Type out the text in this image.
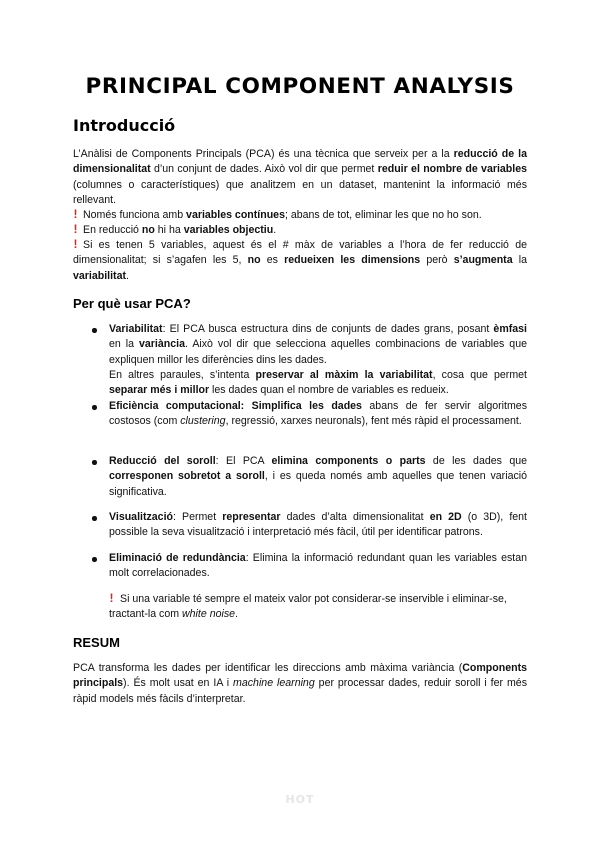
PRINCIPAL COMPONENT ANALYSIS
Introducció

L’Anàlisi de Components Principals (PCA) és una tècnica que serveix per a la reducció de la dimensionalitat d’un conjunt de dades. Això vol dir que permet reduir el nombre de variables (columnes o característiques) que analitzem en un dataset, mantenint la informació més rellevant.

! Només funciona amb variables contínues; abans de tot, eliminar les que no ho son.

! En reducció no hi ha variables objectiu.

! Si es tenen 5 variables, aquest és el # màx de variables a l’hora de fer reducció de dimensionalitat; si s’agafen les 5, no es redueixen les dimensions però s’augmenta la variabilitat.

Per què usar PCA?
Variabilitat: El PCA busca estructura dins de conjunts de dades grans, posant èmfasi en la variància. Això vol dir que selecciona aquelles combinacions de variables que expliquen millor les diferències dins les dades.
En altres paraules, s’intenta preservar al màxim la variabilitat, cosa que permet separar més i millor les dades quan el nombre de variables es redueix.
Eficiència computacional: Simplifica les dades abans de fer servir algoritmes costosos (com clustering, regressió, xarxes neuronals), fent més ràpid el processament.
Reducció del soroll: El PCA elimina components o parts de les dades que corresponen sobretot a soroll, i es queda només amb aquelles que tenen variació significativa.
Visualització: Permet representar dades d’alta dimensionalitat en 2D (o 3D), fent possible la seva visualització i interpretació més fàcil, útil per identificar patrons.
Eliminació de redundància: Elimina la informació redundant quan les variables estan molt correlacionades.

! Si una variable té sempre el mateix valor pot considerar-se inservible i eliminar-se, tractant-la com white noise.

RESUM

PCA transforma les dades per identificar les direccions amb màxima variància (Components principals). És molt usat en IA i machine learning per processar dades, reduir soroll i fer més ràpid models més fàcils d’interpretar.

HOT
